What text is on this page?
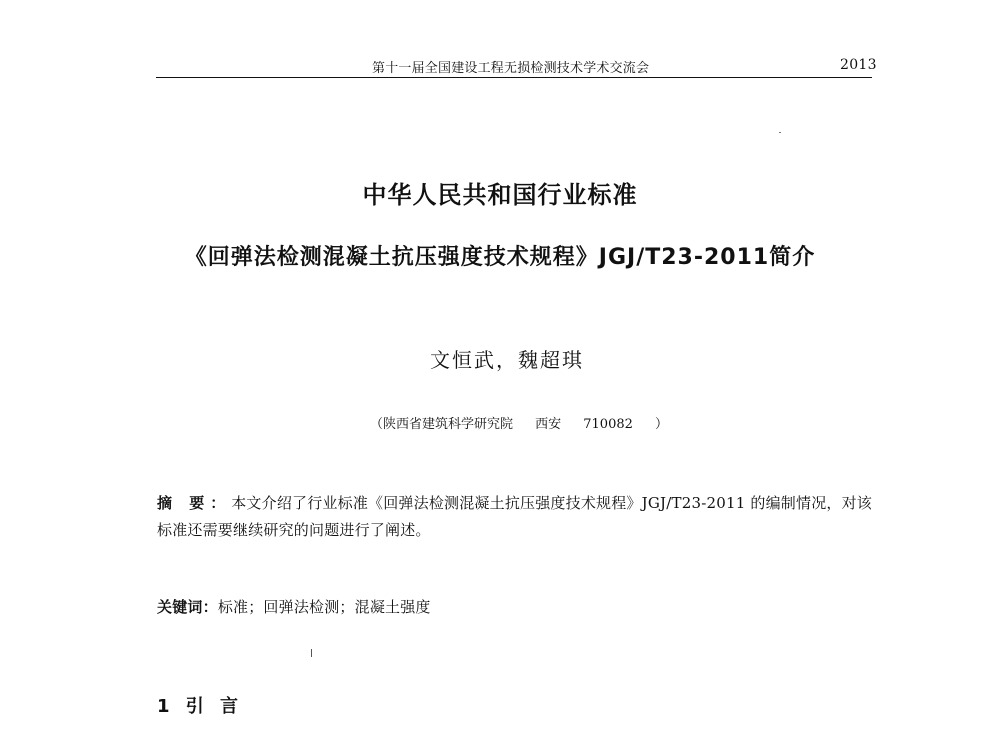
第十一届全国建设工程无损检测技术学术交流会	2013
中华人民共和国行业标准
《回弹法检测混凝土抗压强度技术规程》JGJ/T23-2011简介
文恒武，魏超琪
（陕西省建筑科学研究院 西安 710082 ）
摘 要：本文介绍了行业标准《回弹法检测混凝土抗压强度技术规程》JGJ/T23-2011 的编制情况，对该标准还需要继续研究的问题进行了阐述。
关键词：标准；回弹法检测；混凝土强度
1 引 言
